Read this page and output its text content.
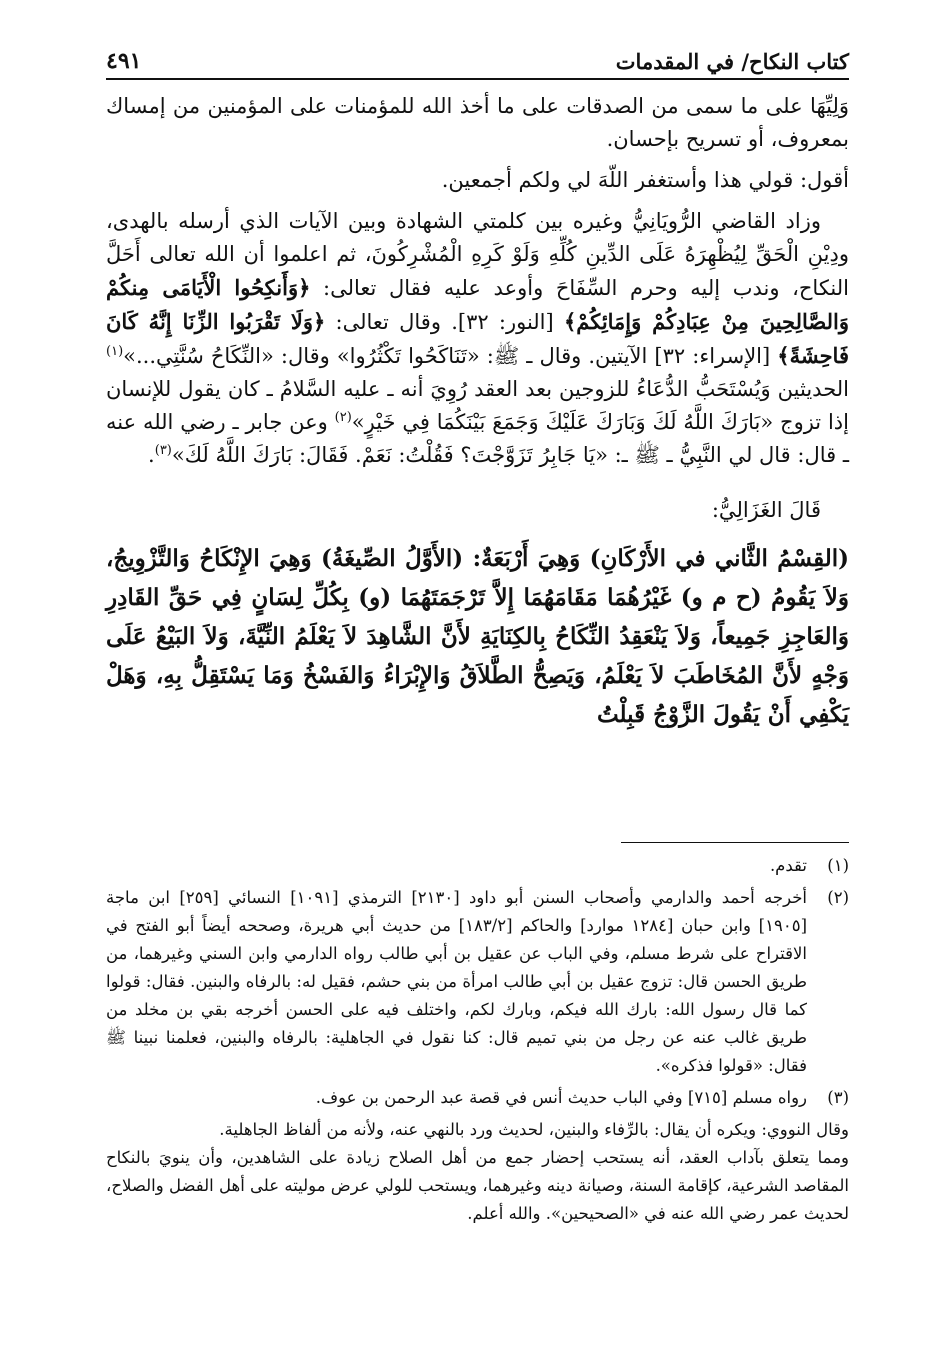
كتاب النكاح/ في المقدمات
٤٩١

وَلِيِّهَا على ما سمى من الصدقات على ما أخذ الله للمؤمنات على المؤمنين من إمساك بمعروف، أو تسريح بإحسان.

أقول: قولي هذا وأستغفر اللّهَ لي ولكم أجمعين.

وزاد القاضي الرُّويَانِيُّ وغيره بين كلمتي الشهادة وبين الآيات الذي أرسله بالهدى، ودِيْنِ الْحَقِّ لِيُظْهِرَهُ عَلَى الدِّينِ كُلِّهِ وَلَوْ كَرِهِ الْمُشْرِكُونَ، ثم اعلموا أن الله تعالى أَحَلَّ النكاح، وندب إليه وحرم السِّفَاحَ وأوعد عليه فقال تعالى: ﴿وَأَنكِحُوا الْأَيَامَى مِنكُمْ وَالصَّالِحِينَ مِنْ عِبَادِكُمْ وَإِمَائِكُمْ﴾ [النور: ٣٢]. وقال تعالى: ﴿وَلَا تَقْرَبُوا الزِّنَا إِنَّهُ كَانَ فَاحِشَةً﴾ [الإسراء: ٣٢] الآيتين. وقال ـ ﷺ: «تَنَاكَحُوا تَكْثُرُوا» وقال: «النِّكَاحُ سُنَّتِي...»$^{(١)}$ الحديثين وَيُسْتَحَبُّ الدُّعَاءُ للزوجين بعد العقد رُوِيَ أنه ـ عليه السَّلامُ ـ كان يقول للإنسان إذا تزوج «بَارَكَ اللَّهُ لَكَ وَبَارَكَ عَلَيْكَ وَجَمَعَ بَيْنَكُمَا فِي خَيْرٍ»$^{(٢)}$ وعن جابر ـ رضي الله عنه ـ قال: قال لي النَّبِيُّ ـ ﷺ ـ: «يَا جَابِرُ تَزَوَّجْتَ؟ فَقُلْتُ: نَعَمْ. فَقَالَ: بَارَكَ اللَّهُ لَكَ»$^{(٣)}$.

قَالَ الغَزَالِيُّ:

(القِسْمُ الثَّاني في الأَرْكَانِ) وَهِيَ أَرْبَعَةٌ: (الأَوَّلُ الصِّيغَةُ) وَهِيَ الإِنْكَاحُ وَالتَّزْوِيجُ، وَلاَ يَقُومُ (ح م و) غَيْرُهُمَا مَقَامَهُمَا إِلاَّ تَرْجَمَتَهُمَا (و) بِكُلِّ لِسَانٍ فِي حَقِّ القَادِرِ وَالعَاجِزِ جَمِيعاً، وَلاَ يَنْعَقِدُ النِّكَاحُ بِالكِنَايَةِ لأَنَّ الشَّاهِدَ لاَ يَعْلَمُ النِّيَّةَ، وَلاَ البَيْعُ عَلَى وَجْهٍ لأَنَّ المُخَاطَبَ لاَ يَعْلَمُ، وَيَصِحُّ الطَّلاَقُ وَالإِبْرَاءُ وَالفَسْخُ وَمَا يَسْتَقِلُّ بِهِ، وَهَلْ يَكْفِي أَنْ يَقُولَ الزَّوْجُ قَبِلْتُ

(١)
تقدم.
(٢)
أخرجه أحمد والدارمي وأصحاب السنن أبو داود [٢١٣٠] الترمذي [١٠٩١] النسائي [٢٥٩] ابن ماجة [١٩٠٥] وابن حبان [١٢٨٤ موارد] والحاكم [١٨٣/٢] من حديث أبي هريرة، وصححه أيضاً أبو الفتح في الاقتراح على شرط مسلم، وفي الباب عن عقيل بن أبي طالب رواه الدارمي وابن السني وغيرهما، من طريق الحسن قال: تزوج عقيل بن أبي طالب امرأة من بني حشم، فقيل له: بالرفاه والبنين. فقال: قولوا كما قال رسول الله: بارك الله فيكم، وبارك لكم، واختلف فيه على الحسن أخرجه بقي بن مخلد من طريق غالب عنه عن رجل من بني تميم قال: كنا نقول في الجاهلية: بالرفاه والبنين، فعلمنا نبينا ﷺ فقال: «قولوا فذكره».
(٣)
رواه مسلم [٧١٥] وفي الباب حديث أنس في قصة عبد الرحمن بن عوف.

وقال النووي: ويكره أن يقال: بالرِّفاء والبنين، لحديث ورد بالنهي عنه، ولأنه من ألفاظ الجاهلية.

ومما يتعلق بآداب العقد، أنه يستحب إحضار جمع من أهل الصلاح زيادة على الشاهدين، وأن ينويَ بالنكاح المقاصد الشرعية، كإقامة السنة، وصيانة دينه وغيرهما، ويستحب للولي عرض موليته على أهل الفضل والصلاح، لحديث عمر رضي الله عنه في «الصحيحين». والله أعلم.
